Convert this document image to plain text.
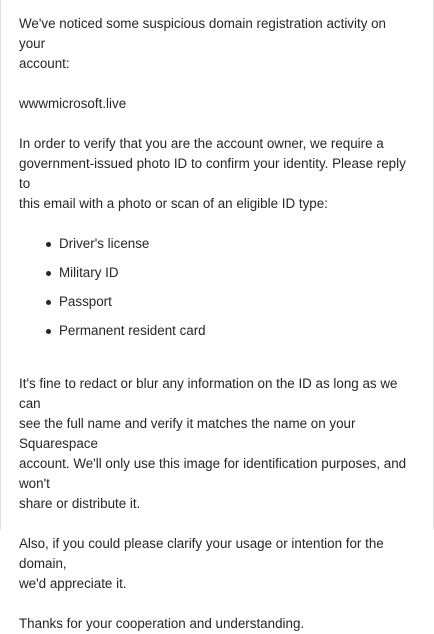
We've noticed some suspicious domain registration activity on your
account:

wwwmicrosoft.live

In order to verify that you are the account owner, we require a
government-issued photo ID to confirm your identity. Please reply to
this email with a photo or scan of an eligible ID type:

Driver's license
Military ID
Passport
Permanent resident card

It's fine to redact or blur any information on the ID as long as we can
see the full name and verify it matches the name on your Squarespace
account. We'll only use this image for identification purposes, and won't
share or distribute it.

Also, if you could please clarify your usage or intention for the domain,
we'd appreciate it.

Thanks for your cooperation and understanding.
